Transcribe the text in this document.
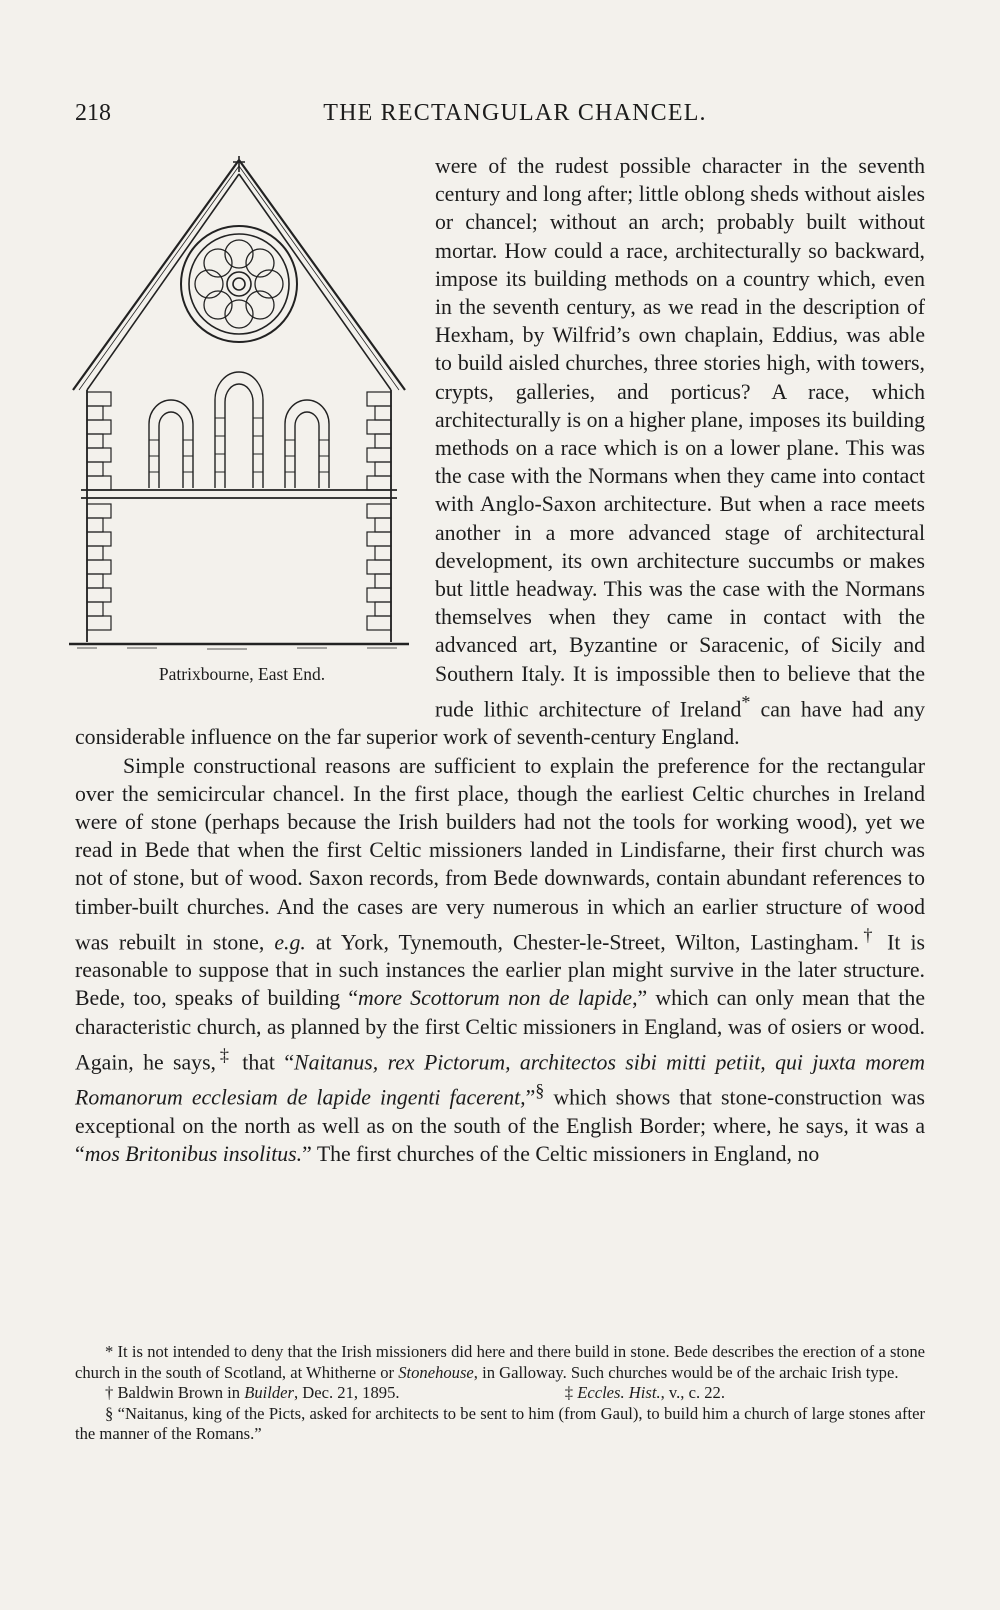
218	THE RECTANGULAR CHANCEL.

Patrixbourne, East End.
were of the rudest possible character in the seventh century and long after; little oblong sheds without aisles or chancel; without an arch; probably built without mortar. How could a race, architecturally so backward, impose its building methods on a country which, even in the seventh century, as we read in the description of Hexham, by Wilfrid’s own chaplain, Eddius, was able to build aisled churches, three stories high, with towers, crypts, galleries, and porticus? A race, which architecturally is on a higher plane, imposes its building methods on a race which is on a lower plane. This was the case with the Normans when they came into contact with Anglo-Saxon architecture. But when a race meets another in a more advanced stage of architectural development, its own architecture succumbs or makes but little headway. This was the case with the Normans themselves when they came in contact with the advanced art, Byzantine or Saracenic, of Sicily and Southern Italy. It is impossible then to believe that the rude lithic architecture of Ireland* can have had any considerable influence on the far superior work of seventh-century England.

Simple constructional reasons are sufficient to explain the preference for the rectangular over the semicircular chancel. In the first place, though the earliest Celtic churches in Ireland were of stone (perhaps because the Irish builders had not the tools for working wood), yet we read in Bede that when the first Celtic missioners landed in Lindisfarne, their first church was not of stone, but of wood. Saxon records, from Bede downwards, contain abundant references to timber-built churches. And the cases are very numerous in which an earlier structure of wood was rebuilt in stone, e.g. at York, Tynemouth, Chester-le-Street, Wilton, Lastingham.† It is reasonable to suppose that in such instances the earlier plan might survive in the later structure. Bede, too, speaks of building “more Scottorum non de lapide,” which can only mean that the characteristic church, as planned by the first Celtic missioners in England, was of osiers or wood. Again, he says,‡ that “Naitanus, rex Pictorum, architectos sibi mitti petiit, qui juxta morem Romanorum ecclesiam de lapide ingenti facerent,”§ which shows that stone-construction was exceptional on the north as well as on the south of the English Border; where, he says, it was a “mos Britonibus insolitus.” The first churches of the Celtic missioners in England, no

* It is not intended to deny that the Irish missioners did here and there build in stone. Bede describes the erection of a stone church in the south of Scotland, at Whitherne or Stonehouse, in Galloway. Such churches would be of the archaic Irish type.

† Baldwin Brown in Builder, Dec. 21, 1895.	‡ Eccles. Hist., v., c. 22.

§ “Naitanus, king of the Picts, asked for architects to be sent to him (from Gaul), to build him a church of large stones after the manner of the Romans.”
